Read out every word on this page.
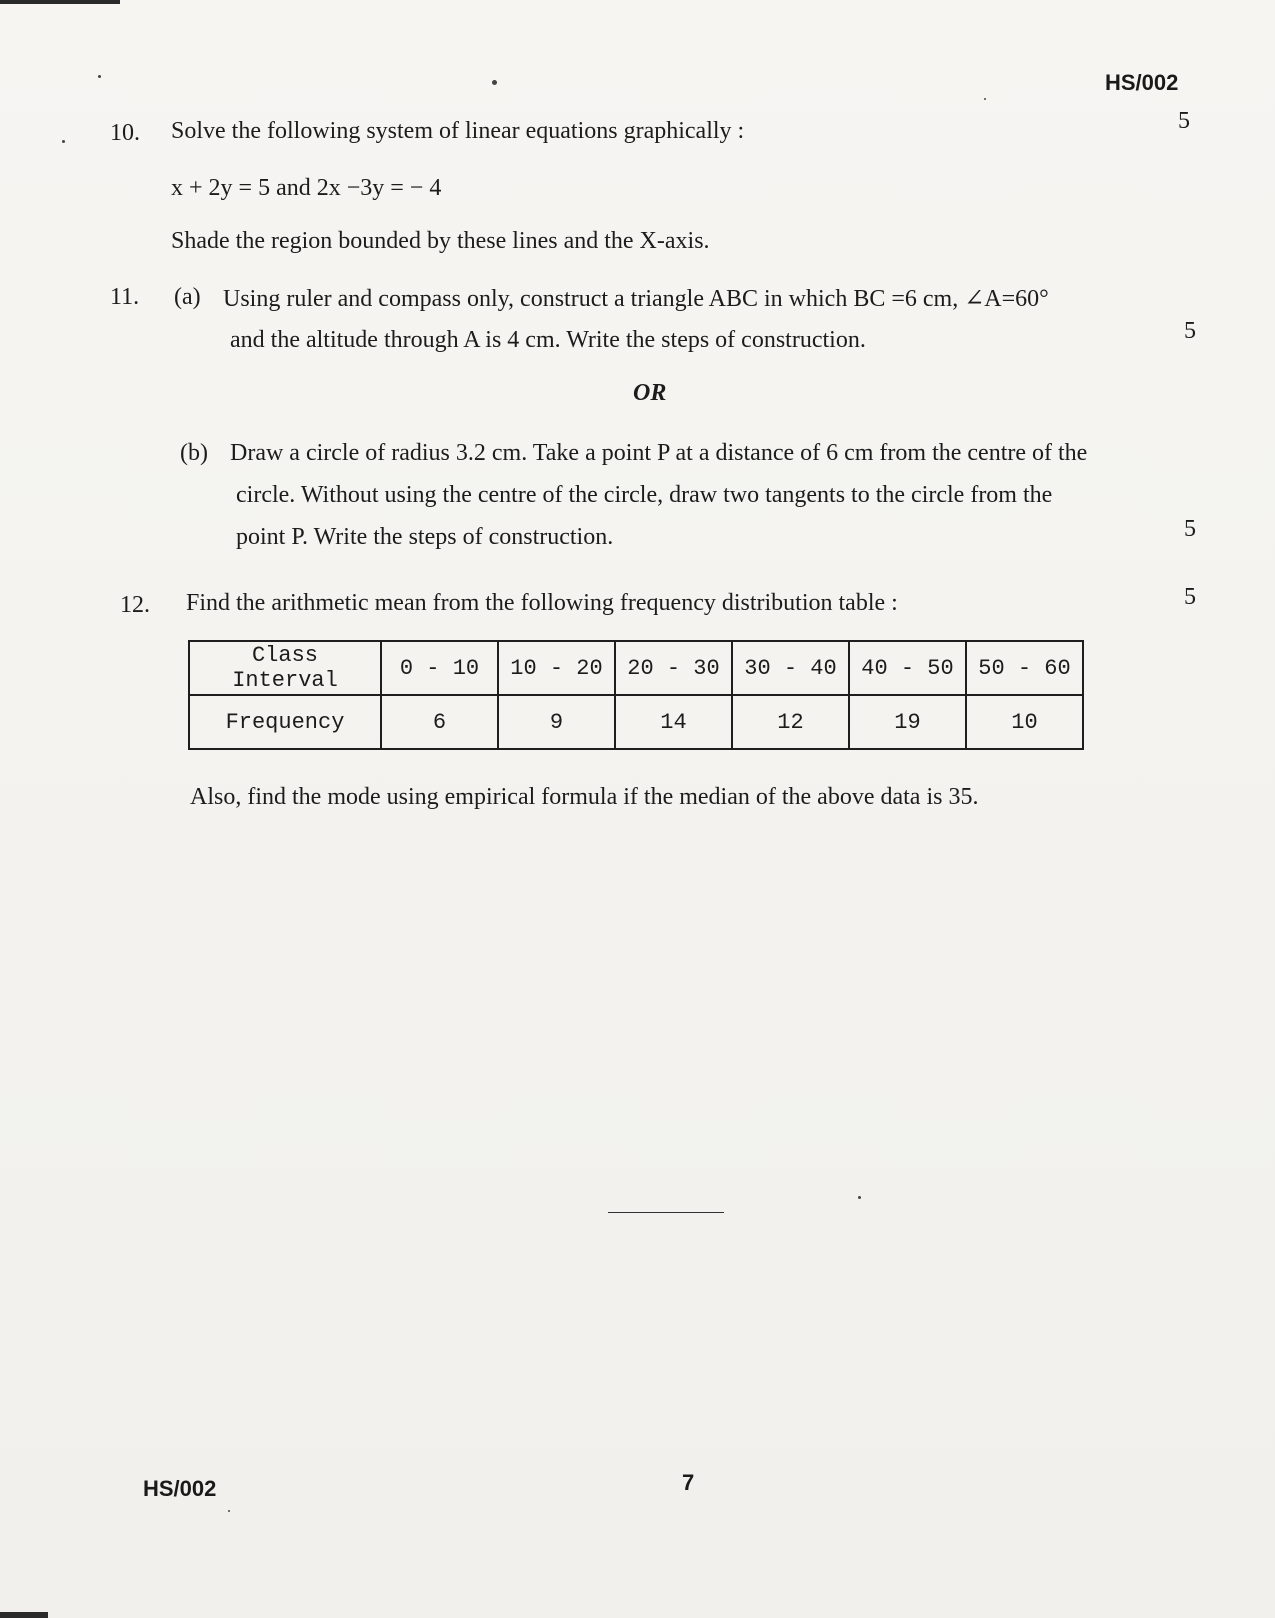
HS/002
10. Solve the following system of linear equations graphically :	5
x + 2y = 5 and 2x −3y = − 4
Shade the region bounded by these lines and the X-axis.
11. (a) Using ruler and compass only, construct a triangle ABC in which BC =6 cm, ∠A=60°
and the altitude through A is 4 cm. Write the steps of construction.	5
OR
(b) Draw a circle of radius 3.2 cm. Take a point P at a distance of 6 cm from the centre of the
circle. Without using the centre of the circle, draw two tangents to the circle from the
point P. Write the steps of construction.	5
12. Find the arithmetic mean from the following frequency distribution table :	5
Class Interval	0 - 10	10 - 20	20 - 30	30 - 40	40 - 50	50 - 60
Frequency	6	9	14	12	19	10
Also, find the mode using empirical formula if the median of the above data is 35.
HS/002	7
